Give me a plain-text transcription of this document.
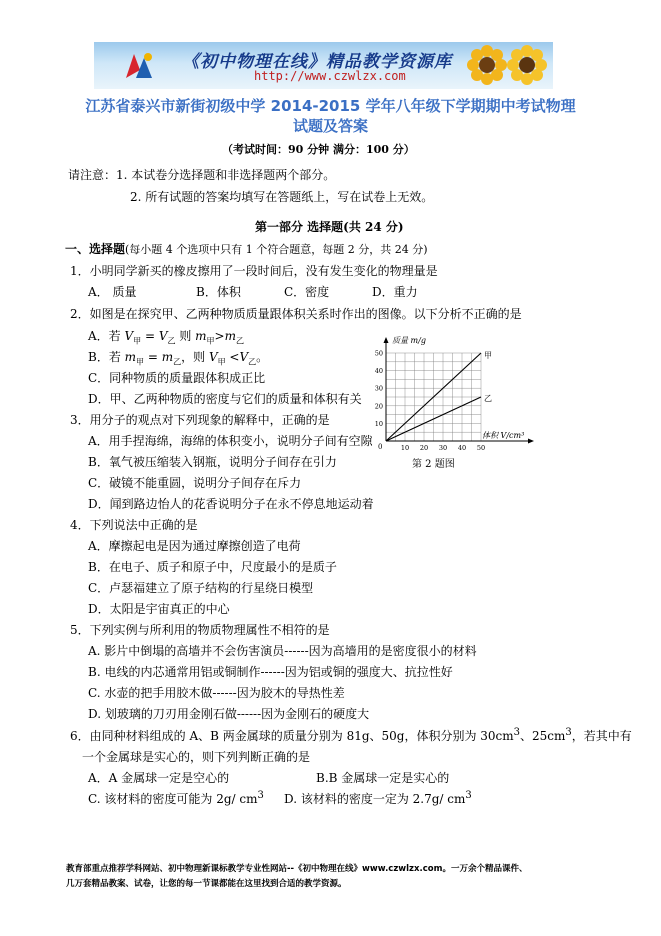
《初中物理在线》精品教学资源库
http://www.czwlzx.com
江苏省泰兴市新街初级中学 2014-2015 学年八年级下学期期中考试物理
试题及答案
（考试时间：90 分钟 满分：100 分）
请注意：1. 本试卷分选择题和非选择题两个部分。
2. 所有试题的答案均填写在答题纸上，写在试卷上无效。
第一部分 选择题(共 24 分)
一、选择题(每小题 4 个选项中只有 1 个符合题意，每题 2 分，共 24 分)
1．小明同学新买的橡皮擦用了一段时间后，没有发生变化的物理量是
A． 质量	B．体积	C．密度	D．重力
2．如图是在探究甲、乙两种物质质量跟体积关系时作出的图像。以下分析不正确的是
A．若 $V_甲 = V_乙$ 则 $m_甲>m_乙$
B．若 $m_甲 = m_乙$，则 $V_甲 <V_乙$。
C．同种物质的质量跟体积成正比
D．甲、乙两种物质的密度与它们的质量和体积有关
3．用分子的观点对下列现象的解释中，正确的是
A．用手捏海绵，海绵的体积变小，说明分子间有空隙
B．氧气被压缩装入钢瓶，说明分子间存在引力
C．破镜不能重圆，说明分子间存在斥力
D．闻到路边怡人的花香说明分子在永不停息地运动着
10 20 30 40 50
10
20
30
40
50	甲
乙
质量 m/g
体积 V/cm³
0
第 2 题图
4．下列说法中正确的是
A．摩擦起电是因为通过摩擦创造了电荷
B．在电子、质子和原子中，尺度最小的是质子
C．卢瑟福建立了原子结构的行星绕日模型
D．太阳是宇宙真正的中心
5．下列实例与所利用的物质物理属性不相符的是
A. 影片中倒塌的高墙并不会伤害演员------因为高墙用的是密度很小的材料
B. 电线的内芯通常用铝或铜制作------因为铝或铜的强度大、抗拉性好
C. 水壶的把手用胶木做------因为胶木的导热性差
D. 划玻璃的刀刃用金刚石做------因为金刚石的硬度大
6．由同种材料组成的 A、B 两金属球的质量分别为 81g、50g，体积分别为 $30cm^3$、$25cm^3$，若其中有
一个金属球是实心的，则下列判断正确的是
A．A 金属球一定是空心的	B.B 金属球一定是实心的
C. 该材料的密度可能为 2g/ $cm^3$ D. 该材料的密度一定为 2.7g/ $cm^3$
教育部重点推荐学科网站、初中物理新课标教学专业性网站--《初中物理在线》www.czwlzx.com。一万余个精品课件、
几万套精品教案、试卷，让您的每一节课都能在这里找到合适的教学资源。
